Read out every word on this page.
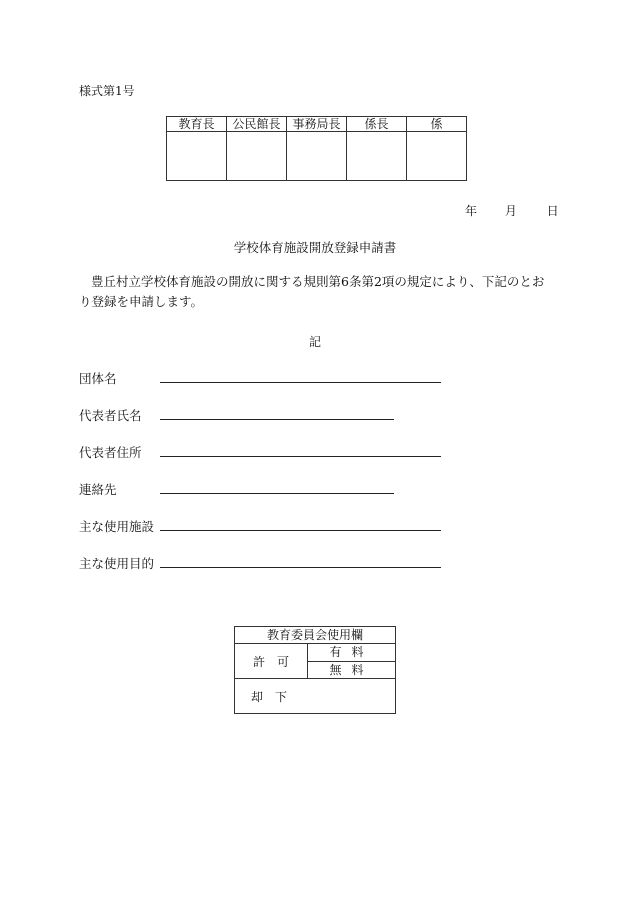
様式第1号
教育長	公民館長	事務局長	係長	係

年 月 日
学校体育施設開放登録申請書
豊丘村立学校体育施設の開放に関する規則第6条第2項の規定により、下記のとおり登録を申請します。
記
団体名
代表者氏名
代表者住所
連絡先
主な使用施設
主な使用目的
教育委員会使用欄
許　可	有料
無料
却下
